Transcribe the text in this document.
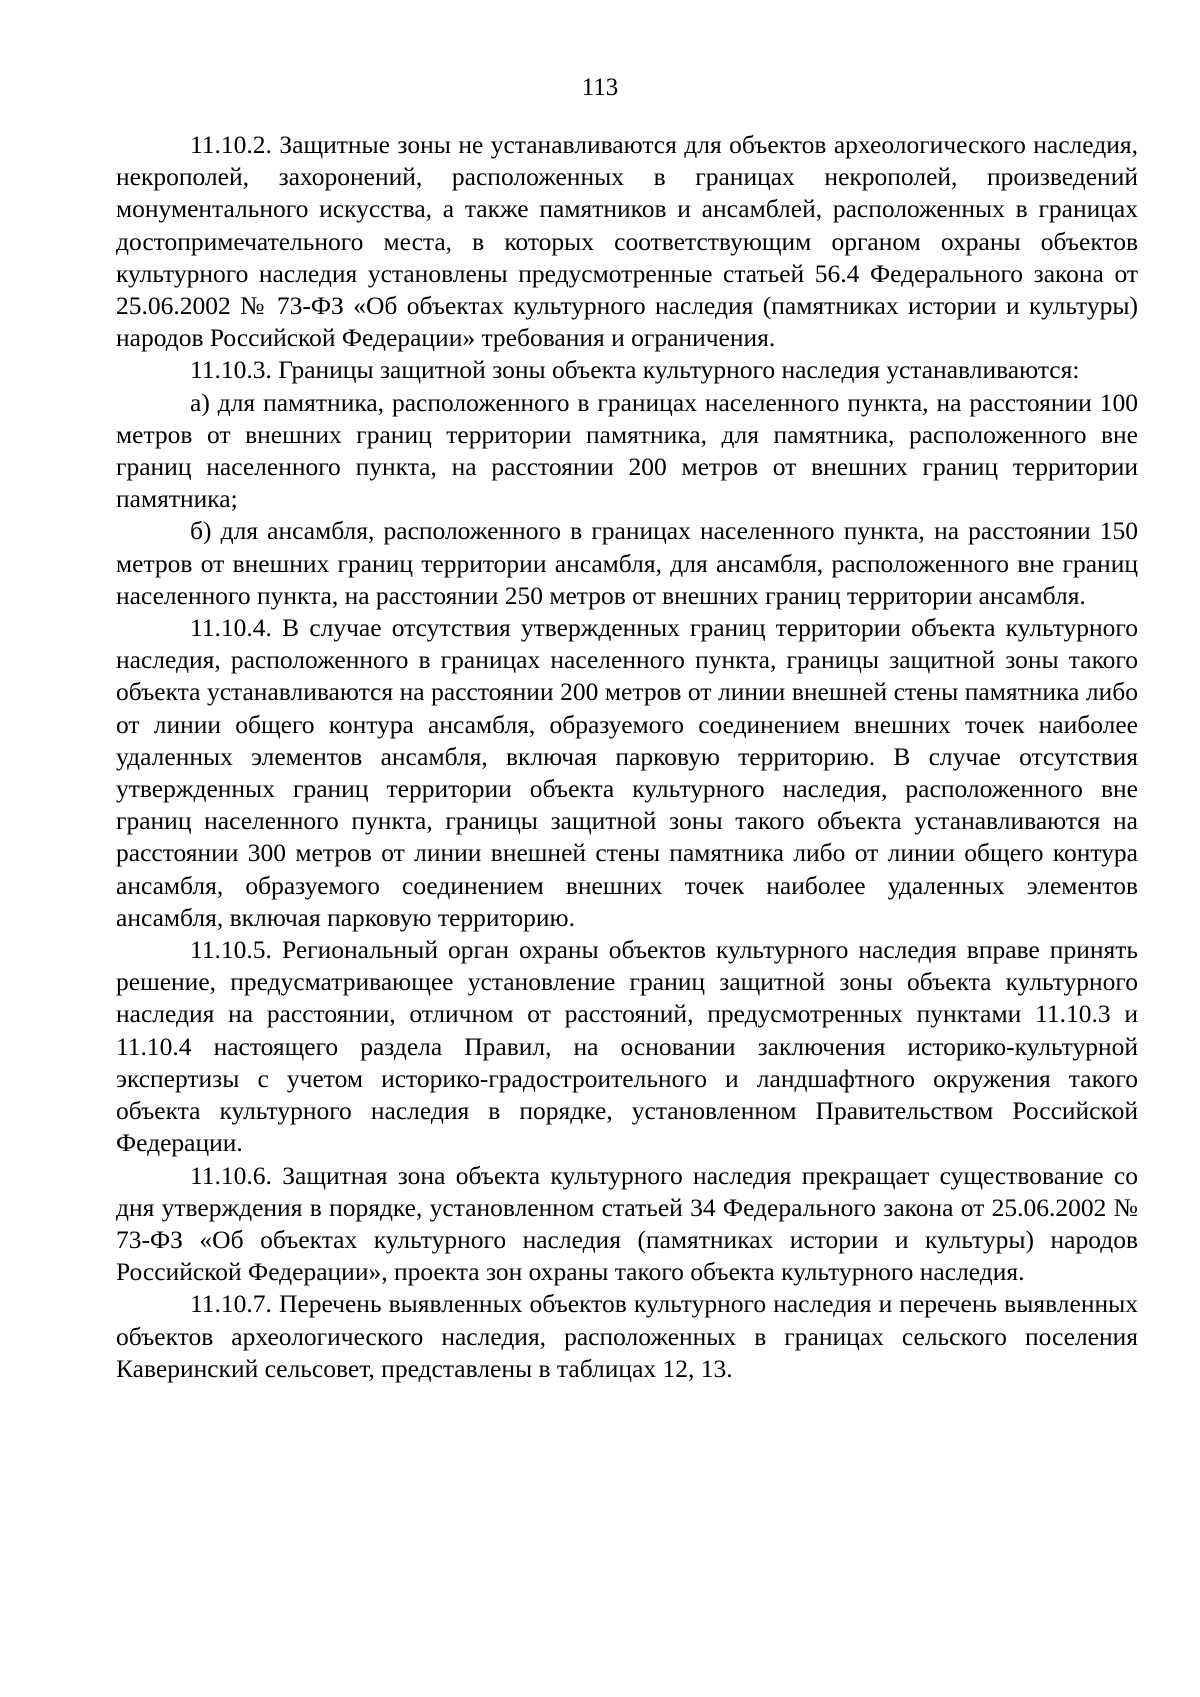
113

11.10.2. Защитные зоны не устанавливаются для объектов археологического наследия, некрополей, захоронений, расположенных в границах некрополей, произведений монументального искусства, а также памятников и ансамблей, расположенных в границах достопримечательного места, в которых соответствующим органом охраны объектов культурного наследия установлены предусмотренные статьей 56.4 Федерального закона от 25.06.2002 № 73-ФЗ «Об объектах культурного наследия (памятниках истории и культуры) народов Российской Федерации» требования и ограничения.

11.10.3. Границы защитной зоны объекта культурного наследия устанавливаются:

а) для памятника, расположенного в границах населенного пункта, на расстоянии 100 метров от внешних границ территории памятника, для памятника, расположенного вне границ населенного пункта, на расстоянии 200 метров от внешних границ территории памятника;

б) для ансамбля, расположенного в границах населенного пункта, на расстоянии 150 метров от внешних границ территории ансамбля, для ансамбля, расположенного вне границ населенного пункта, на расстоянии 250 метров от внешних границ территории ансамбля.

11.10.4. В случае отсутствия утвержденных границ территории объекта культурного наследия, расположенного в границах населенного пункта, границы защитной зоны такого объекта устанавливаются на расстоянии 200 метров от линии внешней стены памятника либо от линии общего контура ансамбля, образуемого соединением внешних точек наиболее удаленных элементов ансамбля, включая парковую территорию. В случае отсутствия утвержденных границ территории объекта культурного наследия, расположенного вне границ населенного пункта, границы защитной зоны такого объекта устанавливаются на расстоянии 300 метров от линии внешней стены памятника либо от линии общего контура ансамбля, образуемого соединением внешних точек наиболее удаленных элементов ансамбля, включая парковую территорию.

11.10.5. Региональный орган охраны объектов культурного наследия вправе принять решение, предусматривающее установление границ защитной зоны объекта культурного наследия на расстоянии, отличном от расстояний, предусмотренных пунктами 11.10.3 и 11.10.4 настоящего раздела Правил, на основании заключения историко-культурной экспертизы с учетом историко-градостроительного и ландшафтного окружения такого объекта культурного наследия в порядке, установленном Правительством Российской Федерации.

11.10.6. Защитная зона объекта культурного наследия прекращает существование со дня утверждения в порядке, установленном статьей 34 Федерального закона от 25.06.2002 № 73-ФЗ «Об объектах культурного наследия (памятниках истории и культуры) народов Российской Федерации», проекта зон охраны такого объекта культурного наследия.

11.10.7. Перечень выявленных объектов культурного наследия и перечень выявленных объектов археологического наследия, расположенных в границах сельского поселения Каверинский сельсовет, представлены в таблицах 12, 13.
